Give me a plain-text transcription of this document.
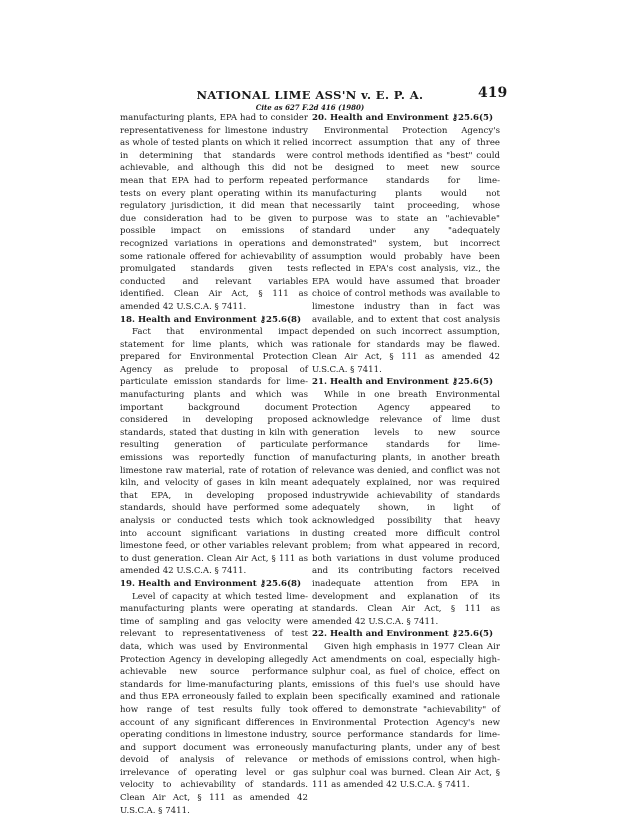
NATIONAL LIME ASS'N v. E. P. A.	419
Cite as 627 F.2d 416 (1980)

manufacturing plants, EPA had to consider representativeness for limestone industry as whole of tested plants on which it relied in determining that standards were achievable, and although this did not mean that EPA had to perform repeated tests on every plant operating within its regulatory jurisdiction, it did mean that due consideration had to be given to possible impact on emissions of recognized variations in operations and some rationale offered for achievability of promulgated standards given tests conducted and relevant variables identified. Clean Air Act, § 111 as amended 42 U.S.C.A. § 7411.

18. Health and Environment ⚷25.6(8)

Fact that environmental impact statement for lime plants, which was prepared for Environmental Protection Agency as prelude to proposal of particulate emission standards for lime-manufacturing plants and which was important background document considered in developing proposed standards, stated that dusting in kiln with resulting generation of particulate emissions was reportedly function of limestone raw material, rate of rotation of kiln, and velocity of gases in kiln meant that EPA, in developing proposed standards, should have performed some analysis or conducted tests which took into account significant variations in limestone feed, or other variables relevant to dust generation. Clean Air Act, § 111 as amended 42 U.S.C.A. § 7411.

19. Health and Environment ⚷25.6(8)

Level of capacity at which tested lime-manufacturing plants were operating at time of sampling and gas velocity were relevant to representativeness of test data, which was used by Environmental Protection Agency in developing allegedly achievable new source performance standards for lime-manufacturing plants, and thus EPA erroneously failed to explain how range of test results fully took account of any significant differences in operating conditions in limestone industry, and support document was erroneously devoid of analysis of relevance or irrelevance of operating level or gas velocity to achievability of standards. Clean Air Act, § 111 as amended 42 U.S.C.A. § 7411.

20. Health and Environment ⚷25.6(5)

Environmental Protection Agency's incorrect assumption that any of three control methods identified as "best" could be designed to meet new source performance standards for lime-manufacturing plants would not necessarily taint proceeding, whose purpose was to state an "achievable" standard under any "adequately demonstrated" system, but incorrect assumption would probably have been reflected in EPA's cost analysis, viz., the EPA would have assumed that broader choice of control methods was available to limestone industry than in fact was available, and to extent that cost analysis depended on such incorrect assumption, rationale for standards may be flawed. Clean Air Act, § 111 as amended 42 U.S.C.A. § 7411.

21. Health and Environment ⚷25.6(5)

While in one breath Environmental Protection Agency appeared to acknowledge relevance of lime dust generation levels to new source performance standards for lime-manufacturing plants, in another breath relevance was denied, and conflict was not adequately explained, nor was required industrywide achievability of standards adequately shown, in light of acknowledged possibility that heavy dusting created more difficult control problem; from what appeared in record, both variations in dust volume produced and its contributing factors received inadequate attention from EPA in development and explanation of its standards. Clean Air Act, § 111 as amended 42 U.S.C.A. § 7411.

22. Health and Environment ⚷25.6(5)

Given high emphasis in 1977 Clean Air Act amendments on coal, especially high-sulphur coal, as fuel of choice, effect on emissions of this fuel's use should have been specifically examined and rationale offered to demonstrate "achievability" of Environmental Protection Agency's new source performance standards for lime-manufacturing plants, under any of best methods of emissions control, when high-sulphur coal was burned. Clean Air Act, § 111 as amended 42 U.S.C.A. § 7411.
